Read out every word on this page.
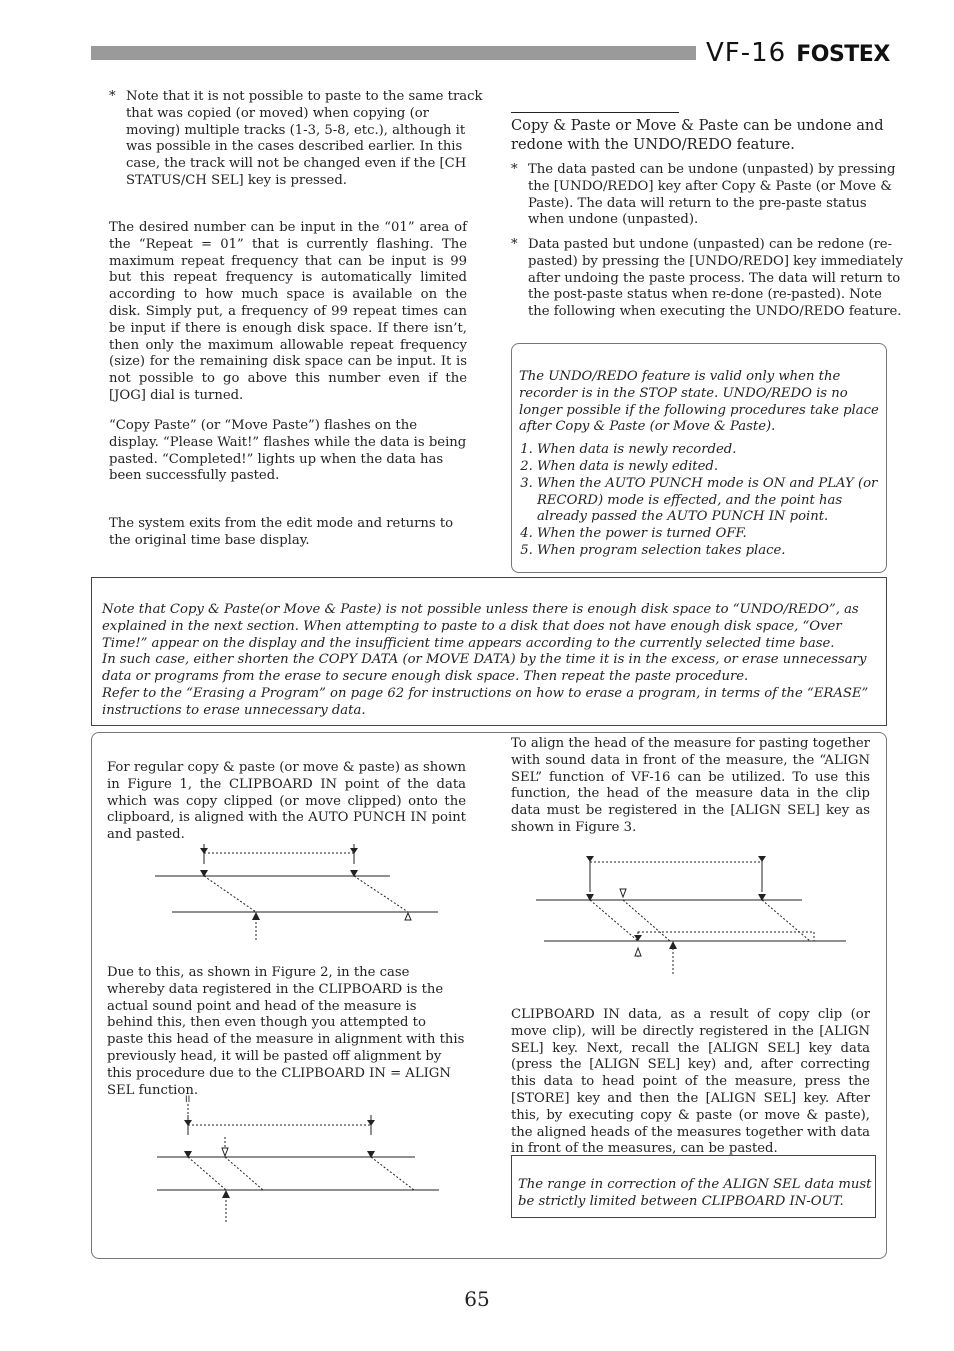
VF-16 FOSTEX
* Note that it is not possible to paste to the same track that was copied (or moved) when copying (or moving) multiple tracks (1-3, 5-8, etc.), although it was possible in the cases described earlier. In this case, the track will not be changed even if the [CH STATUS/CH SEL] key is pressed.
The desired number can be input in the “01” area of the “Repeat = 01” that is currently flashing. The maximum repeat frequency that can be input is 99 but this repeat frequency is automatically limited according to how much space is available on the disk. Simply put, a frequency of 99 repeat times can be input if there is enough disk space. If there isn’t, then only the maximum allowable repeat frequency (size) for the remaining disk space can be input. It is not possible to go above this number even if the [JOG] dial is turned.
“Copy Paste” (or “Move Paste”) flashes on the display. “Please Wait!” flashes while the data is being pasted. “Completed!” lights up when the data has been successfully pasted.
The system exits from the edit mode and returns to the original time base display.
Copy & Paste or Move & Paste can be undone and redone with the UNDO/REDO feature.
* The data pasted can be undone (unpasted) by pressing the [UNDO/REDO] key after Copy & Paste (or Move & Paste). The data will return to the pre-paste status when undone (unpasted).
* Data pasted but undone (unpasted) can be redone (re-pasted) by pressing the [UNDO/REDO] key immediately after undoing the paste process. The data will return to the post-paste status when re-done (re-pasted). Note the following when executing the UNDO/REDO feature.
The UNDO/REDO feature is valid only when the recorder is in the STOP state. UNDO/REDO is no longer possible if the following procedures take place after Copy & Paste (or Move & Paste).
1. When data is newly recorded.
2. When data is newly edited.
3. When the AUTO PUNCH mode is ON and PLAY (or RECORD) mode is effected, and the point has already passed the AUTO PUNCH IN point.
4. When the power is turned OFF.
5. When program selection takes place.
Note that Copy & Paste(or Move & Paste) is not possible unless there is enough disk space to “UNDO/REDO”, as explained in the next section. When attempting to paste to a disk that does not have enough disk space, “Over Time!” appear on the display and the insufficient time appears according to the currently selected time base.
In such case, either shorten the COPY DATA (or MOVE DATA) by the time it is in the excess, or erase unnecessary data or programs from the erase to secure enough disk space. Then repeat the paste procedure.
Refer to the “Erasing a Program” on page 62 for instructions on how to erase a program, in terms of the “ERASE” instructions to erase unnecessary data.
For regular copy & paste (or move & paste) as shown in Figure 1, the CLIPBOARD IN point of the data which was copy clipped (or move clipped) onto the clipboard, is aligned with the AUTO PUNCH IN point and pasted.
Due to this, as shown in Figure 2, in the case whereby data registered in the CLIPBOARD is the actual sound point and head of the measure is behind this, then even though you attempted to paste this head of the measure in alignment with this previously head, it will be pasted off alignment by this procedure due to the CLIPBOARD IN = ALIGN SEL function.
II
To align the head of the measure for pasting together with sound data in front of the measure, the “ALIGN SEL” function of VF-16 can be utilized. To use this function, the head of the measure data in the clip data must be registered in the [ALIGN SEL] key as shown in Figure 3.
CLIPBOARD IN data, as a result of copy clip (or move clip), will be directly registered in the [ALIGN SEL] key. Next, recall the [ALIGN SEL] key data (press the [ALIGN SEL] key) and, after correcting this data to head point of the measure, press the [STORE] key and then the [ALIGN SEL] key. After this, by executing copy & paste (or move & paste), the aligned heads of the measures together with data in front of the measures, can be pasted.
The range in correction of the ALIGN SEL data must be strictly limited between CLIPBOARD IN-OUT.
65
